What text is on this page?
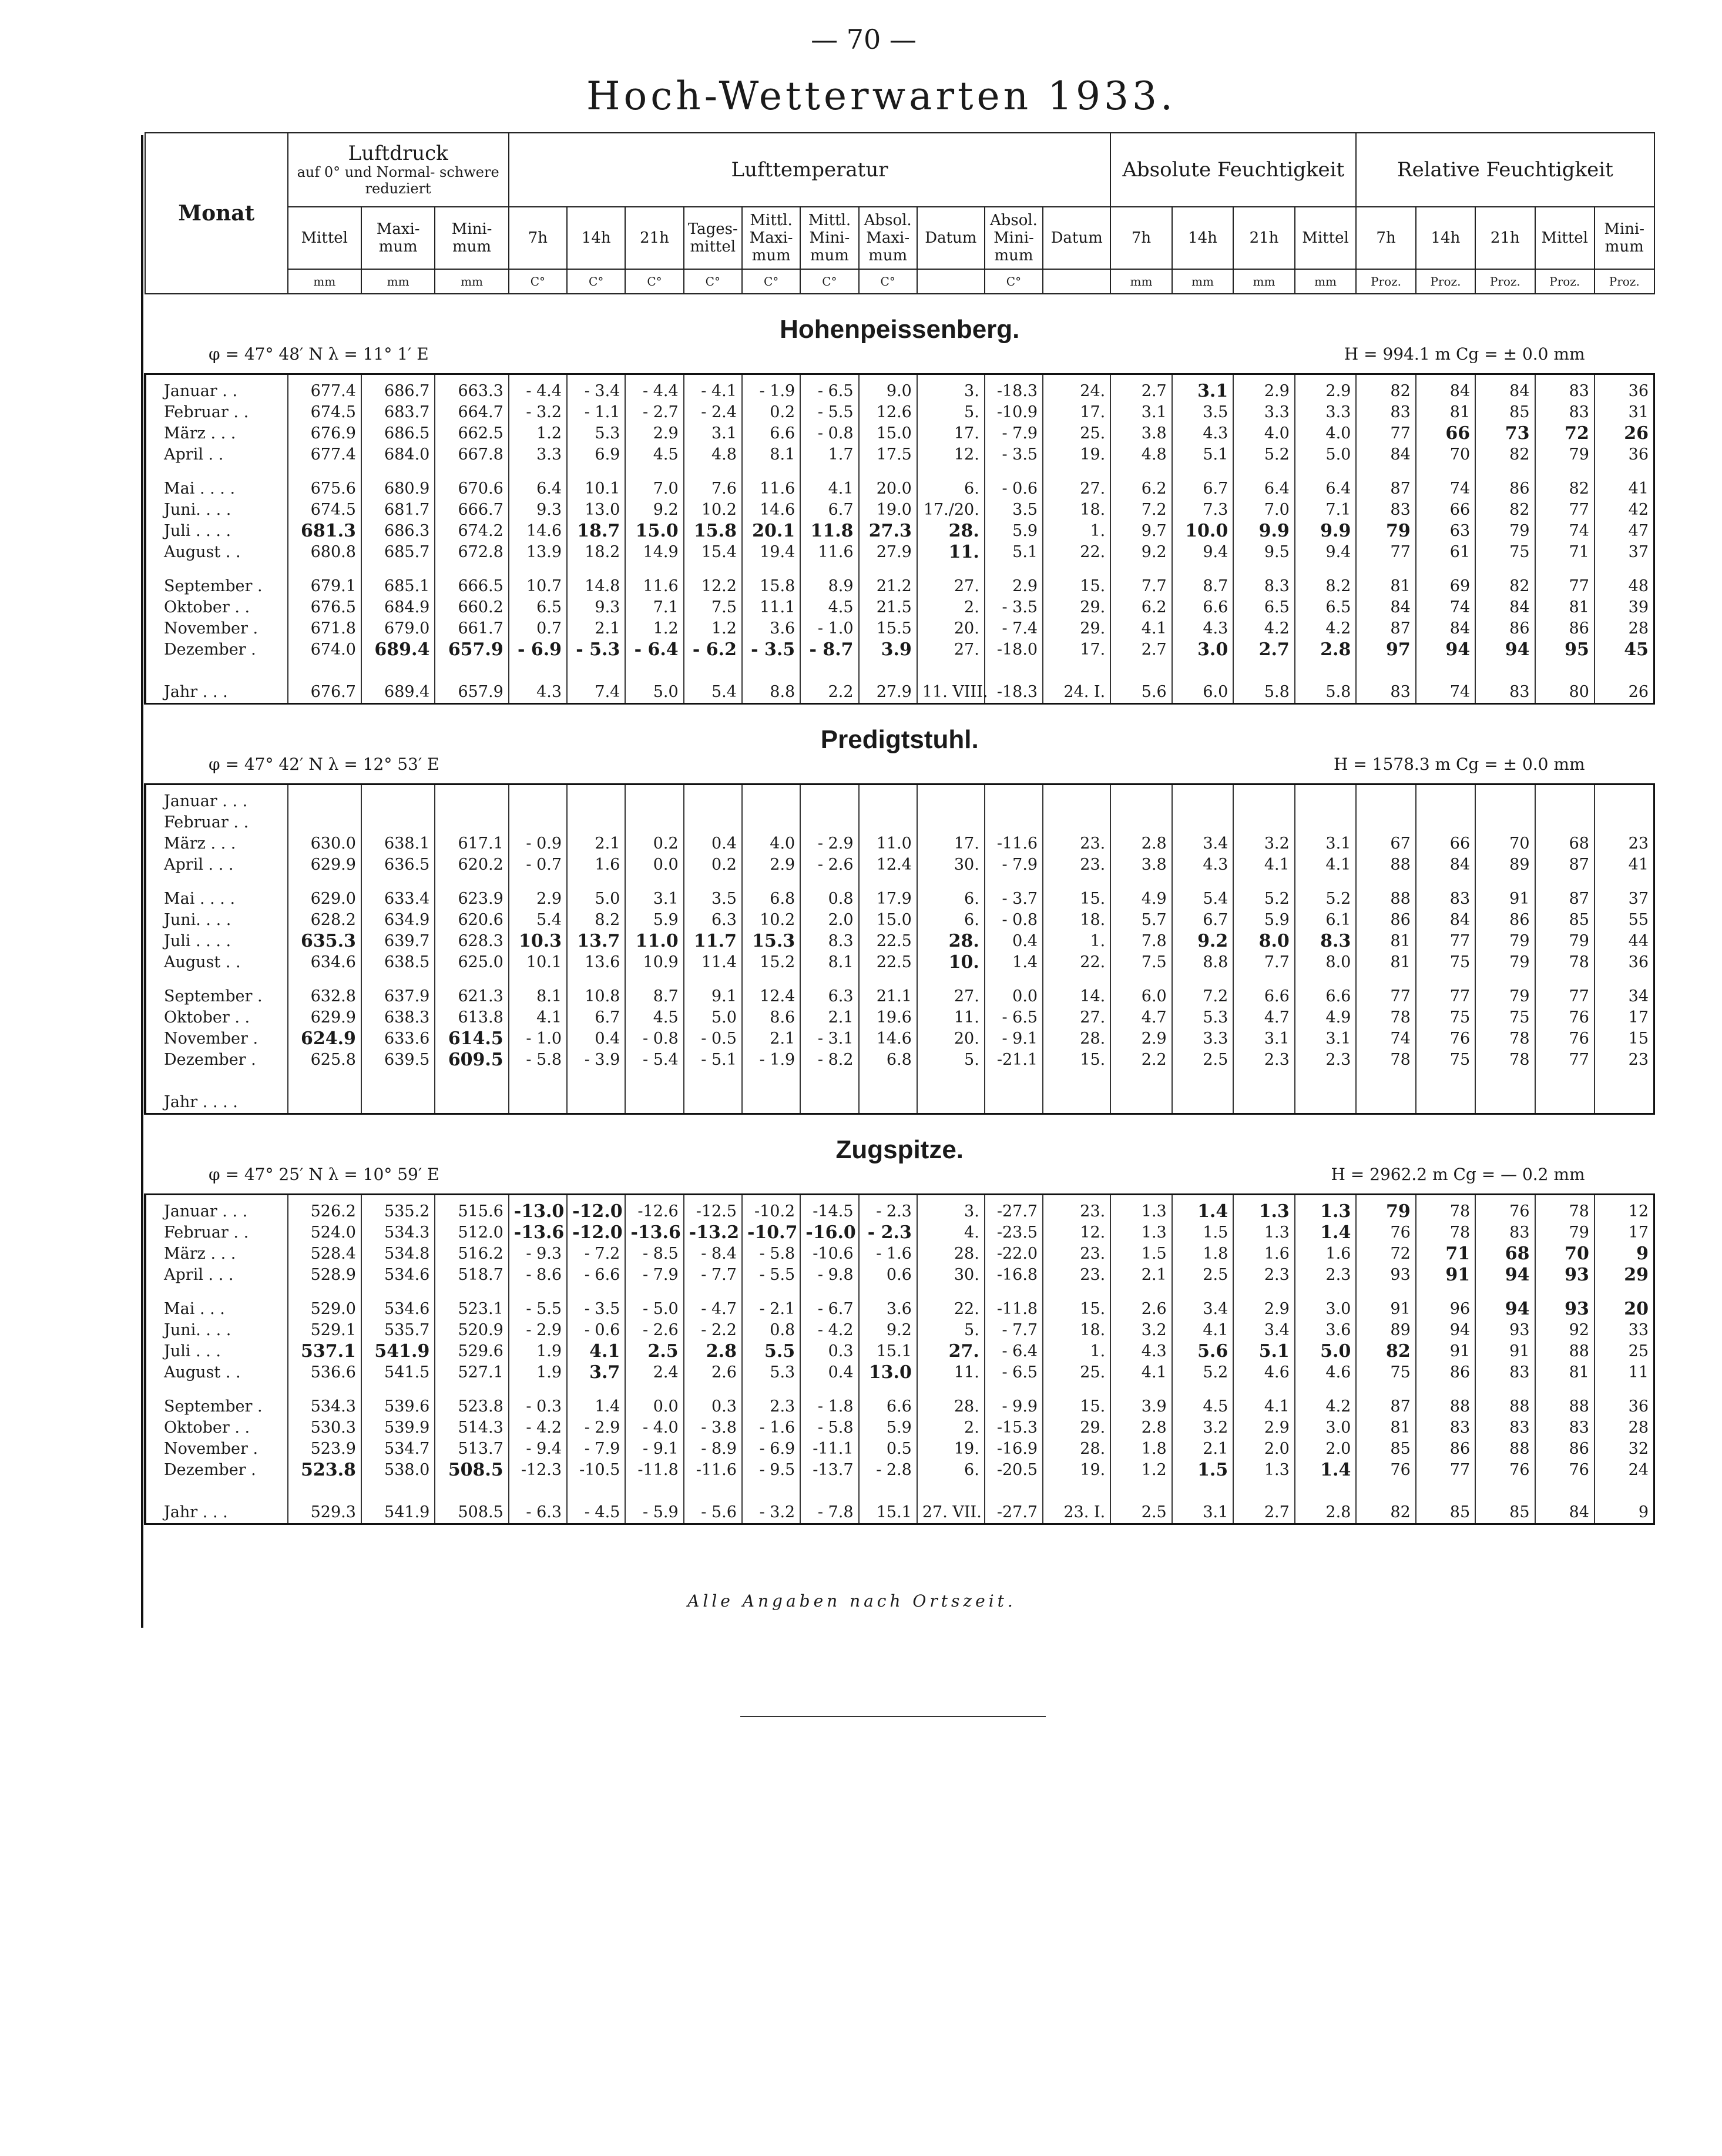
— 70 —
Hoch-Wetterwarten 1933.
Monat	Luftdruck
auf 0° und Normal- schwere reduziert			Lufttemperatur										Absolute Feuchtigkeit				Relative Feuchtigkeit				
	Mittel	Maxi- mum	Mini- mum	7h	14h	21h	Tages- mittel	Mittl. Maxi- mum	Mittl. Mini- mum	Absol. Maxi- mum	Datum	Absol. Mini- mum	Datum	7h	14h	21h	Mittel	7h	14h	21h	Mittel	Mini- mum
	mm	mm	mm	C°	C°	C°	C°	C°	C°	C°		C°		mm	mm	mm	mm	Proz.	Proz.	Proz.	Proz.	Proz.

Hohenpeissenberg.
φ = 47° 48′ N λ = 11° 1′ E H = 994.1 m Cg = ± 0.0 mm																						

Januar . .	677.4	686.7	663.3	- 4.4	- 3.4	- 4.4	- 4.1	- 1.9	- 6.5	9.0	3.	-18.3	24.	2.7	3.1	2.9	2.9	82	84	84	83	36
Februar . .	674.5	683.7	664.7	- 3.2	- 1.1	- 2.7	- 2.4	0.2	- 5.5	12.6	5.	-10.9	17.	3.1	3.5	3.3	3.3	83	81	85	83	31
März . . .	676.9	686.5	662.5	1.2	5.3	2.9	3.1	6.6	- 0.8	15.0	17.	- 7.9	25.	3.8	4.3	4.0	4.0	77	66	73	72	26
April . .	677.4	684.0	667.8	3.3	6.9	4.5	4.8	8.1	1.7	17.5	12.	- 3.5	19.	4.8	5.1	5.2	5.0	84	70	82	79	36

Mai . . . .	675.6	680.9	670.6	6.4	10.1	7.0	7.6	11.6	4.1	20.0	6.	- 0.6	27.	6.2	6.7	6.4	6.4	87	74	86	82	41
Juni. . . .	674.5	681.7	666.7	9.3	13.0	9.2	10.2	14.6	6.7	19.0	17./20.	3.5	18.	7.2	7.3	7.0	7.1	83	66	82	77	42
Juli . . . .	681.3	686.3	674.2	14.6	18.7	15.0	15.8	20.1	11.8	27.3	28.	5.9	1.	9.7	10.0	9.9	9.9	79	63	79	74	47
August . .	680.8	685.7	672.8	13.9	18.2	14.9	15.4	19.4	11.6	27.9	11.	5.1	22.	9.2	9.4	9.5	9.4	77	61	75	71	37

September .	679.1	685.1	666.5	10.7	14.8	11.6	12.2	15.8	8.9	21.2	27.	2.9	15.	7.7	8.7	8.3	8.2	81	69	82	77	48
Oktober . .	676.5	684.9	660.2	6.5	9.3	7.1	7.5	11.1	4.5	21.5	2.	- 3.5	29.	6.2	6.6	6.5	6.5	84	74	84	81	39
November .	671.8	679.0	661.7	0.7	2.1	1.2	1.2	3.6	- 1.0	15.5	20.	- 7.4	29.	4.1	4.3	4.2	4.2	87	84	86	86	28
Dezember .	674.0	689.4	657.9	- 6.9	- 5.3	- 6.4	- 6.2	- 3.5	- 8.7	3.9	27.	-18.0	17.	2.7	3.0	2.7	2.8	97	94	94	95	45

Jahr . . .	676.7	689.4	657.9	4.3	7.4	5.0	5.4	8.8	2.2	27.9	11. VIII.	-18.3	24. I.	5.6	6.0	5.8	5.8	83	74	83	80	26

Predigtstuhl.
φ = 47° 42′ N λ = 12° 53′ E H = 1578.3 m Cg = ± 0.0 mm																						

Januar . . .																						
Februar . .																						
März . . .	630.0	638.1	617.1	- 0.9	2.1	0.2	0.4	4.0	- 2.9	11.0	17.	-11.6	23.	2.8	3.4	3.2	3.1	67	66	70	68	23
April . . .	629.9	636.5	620.2	- 0.7	1.6	0.0	0.2	2.9	- 2.6	12.4	30.	- 7.9	23.	3.8	4.3	4.1	4.1	88	84	89	87	41

Mai . . . .	629.0	633.4	623.9	2.9	5.0	3.1	3.5	6.8	0.8	17.9	6.	- 3.7	15.	4.9	5.4	5.2	5.2	88	83	91	87	37
Juni. . . .	628.2	634.9	620.6	5.4	8.2	5.9	6.3	10.2	2.0	15.0	6.	- 0.8	18.	5.7	6.7	5.9	6.1	86	84	86	85	55
Juli . . . .	635.3	639.7	628.3	10.3	13.7	11.0	11.7	15.3	8.3	22.5	28.	0.4	1.	7.8	9.2	8.0	8.3	81	77	79	79	44
August . .	634.6	638.5	625.0	10.1	13.6	10.9	11.4	15.2	8.1	22.5	10.	1.4	22.	7.5	8.8	7.7	8.0	81	75	79	78	36

September .	632.8	637.9	621.3	8.1	10.8	8.7	9.1	12.4	6.3	21.1	27.	0.0	14.	6.0	7.2	6.6	6.6	77	77	79	77	34
Oktober . .	629.9	638.3	613.8	4.1	6.7	4.5	5.0	8.6	2.1	19.6	11.	- 6.5	27.	4.7	5.3	4.7	4.9	78	75	75	76	17
November .	624.9	633.6	614.5	- 1.0	0.4	- 0.8	- 0.5	2.1	- 3.1	14.6	20.	- 9.1	28.	2.9	3.3	3.1	3.1	74	76	78	76	15
Dezember .	625.8	639.5	609.5	- 5.8	- 3.9	- 5.4	- 5.1	- 1.9	- 8.2	6.8	5.	-21.1	15.	2.2	2.5	2.3	2.3	78	75	78	77	23

Jahr . . . .																						

Zugspitze.
φ = 47° 25′ N λ = 10° 59′ E H = 2962.2 m Cg = — 0.2 mm																						

Januar . . .	526.2	535.2	515.6	-13.0	-12.0	-12.6	-12.5	-10.2	-14.5	- 2.3	3.	-27.7	23.	1.3	1.4	1.3	1.3	79	78	76	78	12
Februar . .	524.0	534.3	512.0	-13.6	-12.0	-13.6	-13.2	-10.7	-16.0	- 2.3	4.	-23.5	12.	1.3	1.5	1.3	1.4	76	78	83	79	17
März . . .	528.4	534.8	516.2	- 9.3	- 7.2	- 8.5	- 8.4	- 5.8	-10.6	- 1.6	28.	-22.0	23.	1.5	1.8	1.6	1.6	72	71	68	70	9
April . . .	528.9	534.6	518.7	- 8.6	- 6.6	- 7.9	- 7.7	- 5.5	- 9.8	0.6	30.	-16.8	23.	2.1	2.5	2.3	2.3	93	91	94	93	29

Mai . . .	529.0	534.6	523.1	- 5.5	- 3.5	- 5.0	- 4.7	- 2.1	- 6.7	3.6	22.	-11.8	15.	2.6	3.4	2.9	3.0	91	96	94	93	20
Juni. . . .	529.1	535.7	520.9	- 2.9	- 0.6	- 2.6	- 2.2	0.8	- 4.2	9.2	5.	- 7.7	18.	3.2	4.1	3.4	3.6	89	94	93	92	33
Juli . . .	537.1	541.9	529.6	1.9	4.1	2.5	2.8	5.5	0.3	15.1	27.	- 6.4	1.	4.3	5.6	5.1	5.0	82	91	91	88	25
August . .	536.6	541.5	527.1	1.9	3.7	2.4	2.6	5.3	0.4	13.0	11.	- 6.5	25.	4.1	5.2	4.6	4.6	75	86	83	81	11

September .	534.3	539.6	523.8	- 0.3	1.4	0.0	0.3	2.3	- 1.8	6.6	28.	- 9.9	15.	3.9	4.5	4.1	4.2	87	88	88	88	36
Oktober . .	530.3	539.9	514.3	- 4.2	- 2.9	- 4.0	- 3.8	- 1.6	- 5.8	5.9	2.	-15.3	29.	2.8	3.2	2.9	3.0	81	83	83	83	28
November .	523.9	534.7	513.7	- 9.4	- 7.9	- 9.1	- 8.9	- 6.9	-11.1	0.5	19.	-16.9	28.	1.8	2.1	2.0	2.0	85	86	88	86	32
Dezember .	523.8	538.0	508.5	-12.3	-10.5	-11.8	-11.6	- 9.5	-13.7	- 2.8	6.	-20.5	19.	1.2	1.5	1.3	1.4	76	77	76	76	24

Jahr . . .	529.3	541.9	508.5	- 6.3	- 4.5	- 5.9	- 5.6	- 3.2	- 7.8	15.1	27. VII.	-27.7	23. I.	2.5	3.1	2.7	2.8	82	85	85	84	9
Alle Angaben nach Ortszeit.
